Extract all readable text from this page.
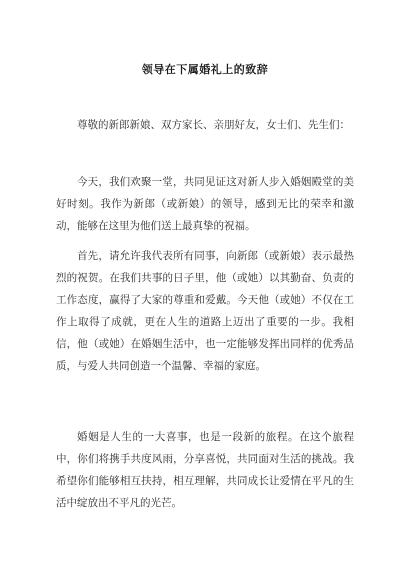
领导在下属婚礼上的致辞

尊敬的新郎新娘、双方家长、亲朋好友，女士们、先生们：

今天，我们欢聚一堂，共同见证这对新人步入婚姻殿堂的美好时刻。我作为新郎（或新娘）的领导，感到无比的荣幸和激动，能够在这里为他们送上最真挚的祝福。

首先，请允许我代表所有同事，向新郎（或新娘）表示最热烈的祝贺。在我们共事的日子里，他（或她）以其勤奋、负责的工作态度，赢得了大家的尊重和爱戴。今天他（或她）不仅在工作上取得了成就，更在人生的道路上迈出了重要的一步。我相信，他（或她）在婚姻生活中，也一定能够发挥出同样的优秀品质，与爱人共同创造一个温馨、幸福的家庭。

婚姻是人生的一大喜事，也是一段新的旅程。在这个旅程中，你们将携手共度风雨，分享喜悦，共同面对生活的挑战。我希望你们能够相互扶持，相互理解，共同成长让爱情在平凡的生活中绽放出不平凡的光芒。
